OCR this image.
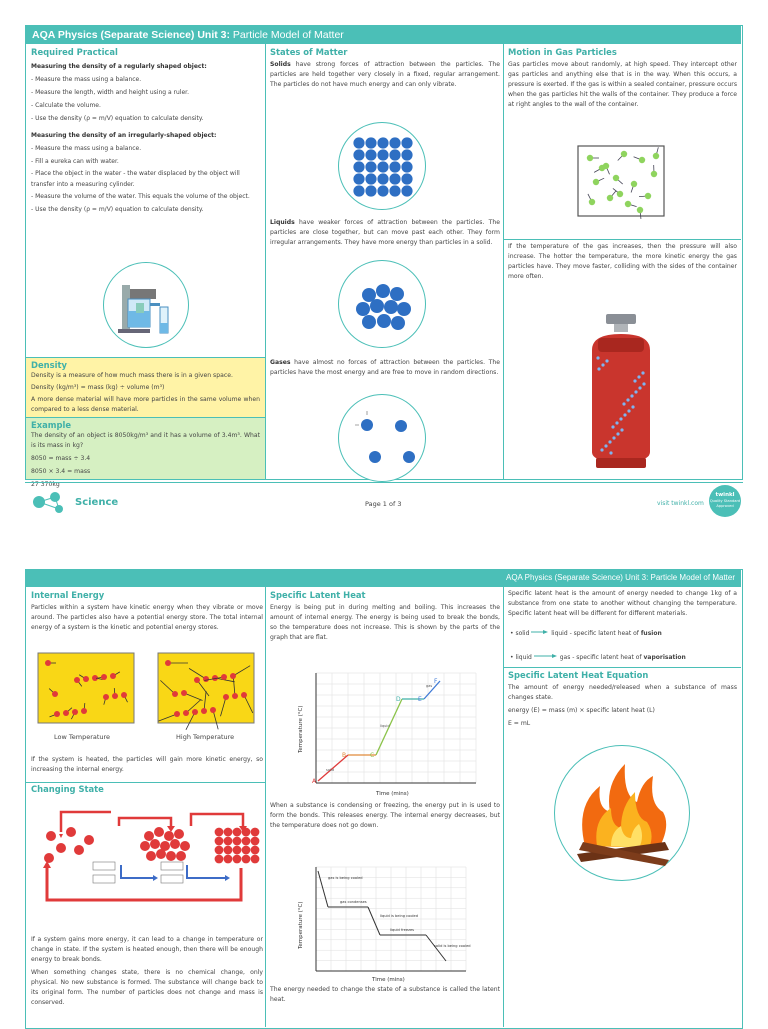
AQA Physics (Separate Science) Unit 3: Particle Model of Matter
Required Practical
Measuring the density of a regularly shaped object:
- Measure the mass using a balance.
- Measure the length, width and height using a ruler.
- Calculate the volume.
- Use the density (ρ = m/V) equation to calculate density.
Measuring the density of an irregularly-shaped object:
- Measure the mass using a balance.
- Fill a eureka can with water.
- Place the object in the water - the water displaced by the object will transfer into a measuring cylinder.
- Measure the volume of the water. This equals the volume of the object.
- Use the density (ρ = m/V) equation to calculate density.
Density
Density is a measure of how much mass there is in a given space.
Density (kg/m³) = mass (kg) ÷ volume (m³)
A more dense material will have more particles in the same volume when compared to a less dense material.
Example
The density of an object is 8050kg/m³ and it has a volume of 3.4m³. What is its mass in kg?
8050 = mass ÷ 3.4
8050 × 3.4 = mass
27 370kg
States of Matter
Solids have strong forces of attraction between the particles. The particles are held together very closely in a fixed, regular arrangement. The particles do not have much energy and can only vibrate.
Liquids have weaker forces of attraction between the particles. The particles are close together, but can move past each other. They form irregular arrangements. They have more energy than particles in a solid.
Gases have almost no forces of attraction between the particles. The particles have the most energy and are free to move in random directions.
Motion in Gas Particles
Gas particles move about randomly, at high speed. They intercept other gas particles and anything else that is in the way. When this occurs, a pressure is exerted. If the gas is within a sealed container, pressure occurs when the gas particles hit the walls of the container. They produce a force at right angles to the wall of the container.
If the temperature of the gas increases, then the pressure will also increase. The hotter the temperature, the more kinetic energy the gas particles have. They move faster, colliding with the sides of the container more often.
Science	Page 1 of 3	visit twinkl.com
twinkl
Quality Standard Approved
AQA Physics (Separate Science) Unit 3: Particle Model of Matter
Internal Energy
Particles within a system have kinetic energy when they vibrate or move around. The particles also have a potential energy store. The total internal energy of a system is the kinetic and potential energy stores.
Low Temperature	High Temperature
If the system is heated, the particles will gain more kinetic energy, so increasing the internal energy.
Changing State
If a system gains more energy, it can lead to a change in temperature or change in state. If the system is heated enough, then there will be enough energy to break bonds.
When something changes state, there is no chemical change, only physical. No new substance is formed. The substance will change back to its original form. The number of particles does not change and mass is conserved.
Specific Latent Heat
Energy is being put in during melting and boiling. This increases the amount of internal energy. The energy is being used to break the bonds, so the temperature does not increase. This is shown by the parts of the graph that are flat.
A
B	C
D	E
F
solid
liquid
gas
Time (mins)
Temperature (°C)
When a substance is condensing or freezing, the energy put in is used to form the bonds. This releases energy. The internal energy decreases, but the temperature does not go down.
gas is being cooled
gas condenses
liquid is being cooled
liquid freezes
solid is being cooled
Time (mins)
Temperature (°C)
The energy needed to change the state of a substance is called the latent heat.
Specific latent heat is the amount of energy needed to change 1kg of a substance from one state to another without changing the temperature. Specific latent heat will be different for different materials.
• solid	liquid - specific latent heat of fusion
• liquid	gas - specific latent heat of vaporisation
Specific Latent Heat Equation
The amount of energy needed/released when a substance of mass changes state.
energy (E) = mass (m) × specific latent heat (L)
E = mL
